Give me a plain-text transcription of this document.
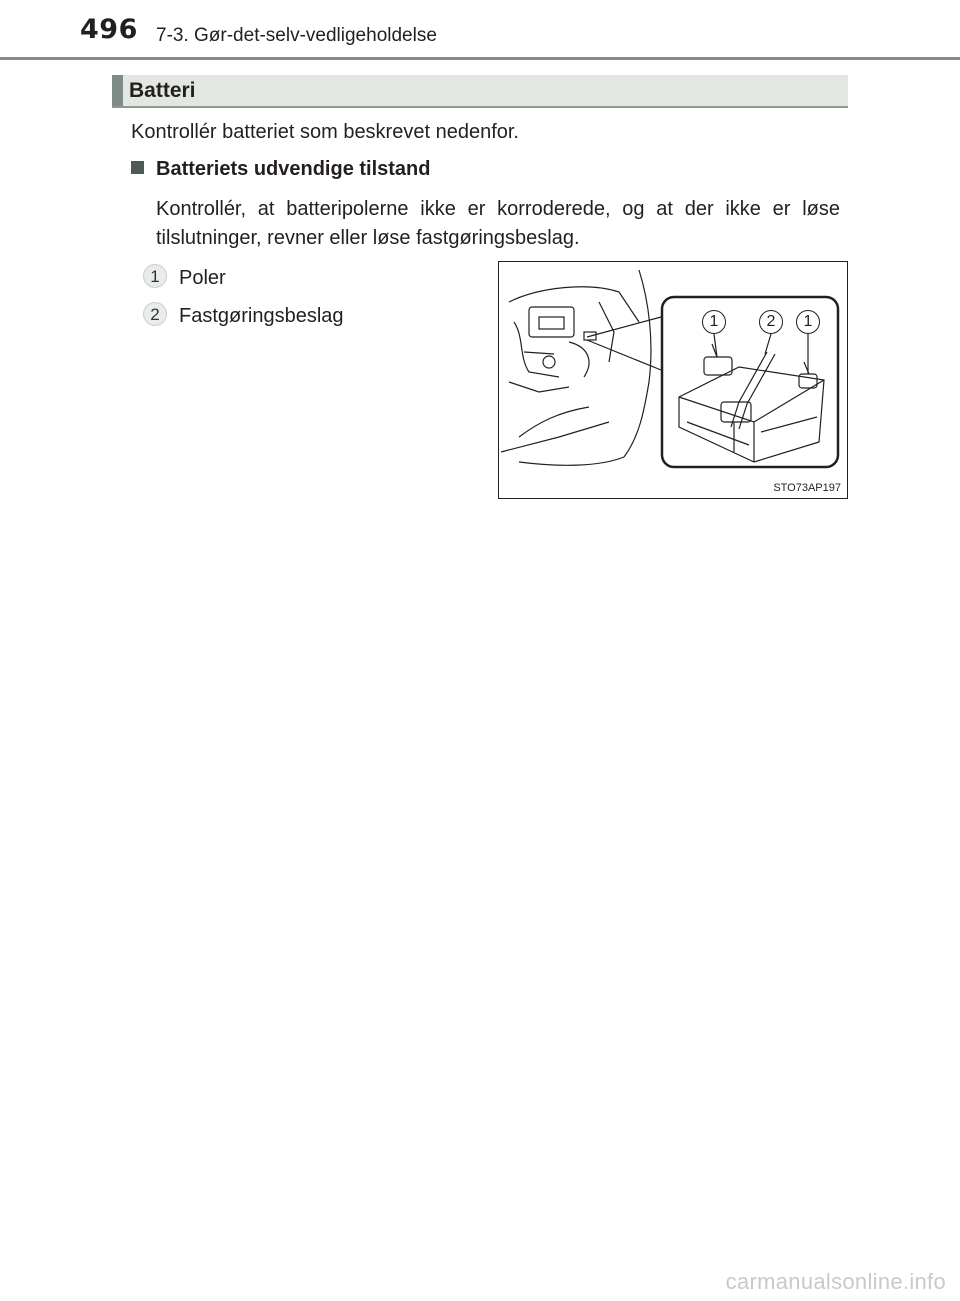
496 7-3. Gør-det-selv-vedligeholdelse
Batteri
Kontrollér batteriet som beskrevet nedenfor.
Batteriets udvendige tilstand
Kontrollér, at batteripolerne ikke er korroderede, og at der ikke er løse tilslutninger, revner eller løse fastgøringsbeslag.
1 Poler
2 Fastgøringsbeslag	1	2	1
STO73AP197
carmanualsonline.info
